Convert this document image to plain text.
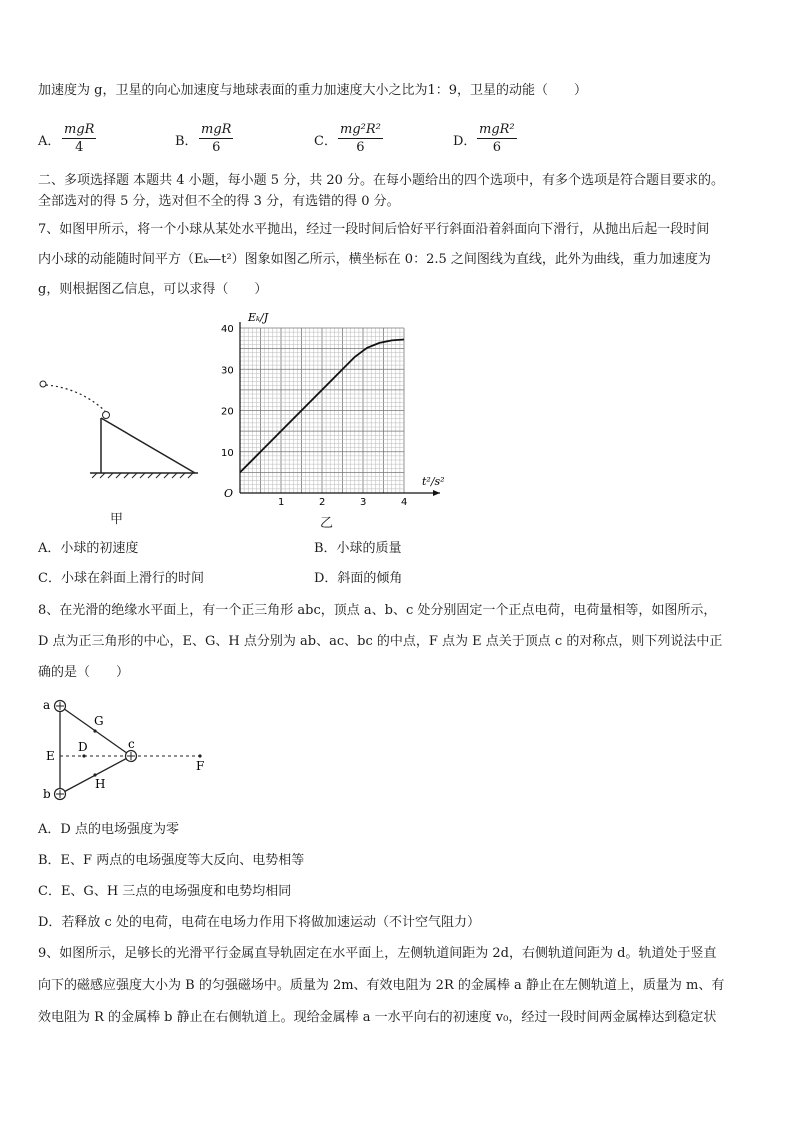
加速度为 g，卫星的向心加速度与地球表面的重力加速度大小之比为1：9，卫星的动能（　　）
A．
mgR
4	B．
mgR
6	C． $\frac{\text{mg²R²}}{6}$	D．
mgR²
6
二、多项选择题 本题共 4 小题，每小题 5 分，共 20 分。在每小题给出的四个选项中，有多个选项是符合题目要求的。
全部选对的得 5 分，选对但不全的得 3 分，有选错的得 0 分。
7、如图甲所示，将一个小球从某处水平抛出，经过一段时间后恰好平行斜面沿着斜面向下滑行，从抛出后起一段时间
内小球的动能随时间平方（Eₖ—t²）图象如图乙所示，横坐标在 0：2.5 之间图线为直线，此外为曲线，重力加速度为
g，则根据图乙信息，可以求得（　　）
甲
1	2	3	4
10
20
30
40
Eₖ/J
t²/s²
O
乙
A．小球的初速度	B．小球的质量
C．小球在斜面上滑行的时间	D．斜面的倾角
8、在光滑的绝缘水平面上，有一个正三角形 abc，顶点 a、b、c 处分别固定一个正点电荷，电荷量相等，如图所示，
D 点为正三角形的中心，E、G、H 点分别为 ab、ac、bc 的中点，F 点为 E 点关于顶点 c 的对称点，则下列说法中正
确的是（　　）
a
b
c
D
E
F
G
H
A．D 点的电场强度为零
B．E、F 两点的电场强度等大反向、电势相等
C．E、G、H 三点的电场强度和电势均相同
D．若释放 c 处的电荷，电荷在电场力作用下将做加速运动（不计空气阻力）
9、如图所示，足够长的光滑平行金属直导轨固定在水平面上，左侧轨道间距为 2d，右侧轨道间距为 d。轨道处于竖直
向下的磁感应强度大小为 B 的匀强磁场中。质量为 2m、有效电阻为 2R 的金属棒 a 静止在左侧轨道上，质量为 m、有
效电阻为 R 的金属棒 b 静止在右侧轨道上。现给金属棒 a 一水平向右的初速度 v₀，经过一段时间两金属棒达到稳定状
